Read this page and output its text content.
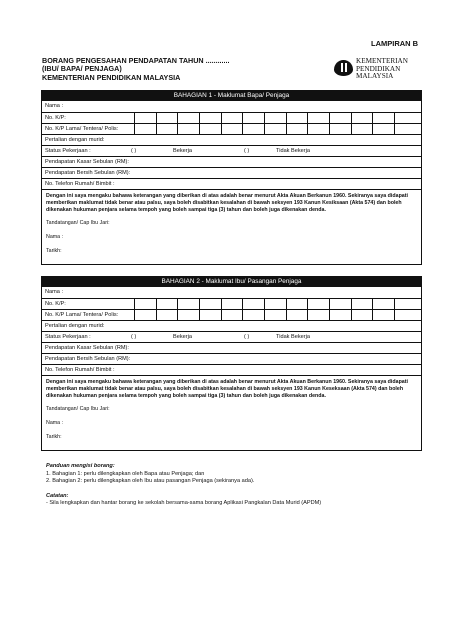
LAMPIRAN B
BORANG PENGESAHAN PENDAPATAN TAHUN ............
(IBU/ BAPA/ PENJAGA)
KEMENTERIAN PENDIDIKAN MALAYSIA
KEMENTERIAN
PENDIDIKAN
MALAYSIA
BAHAGIAN 1 - Maklumat Bapa/ Penjaga
Nama :
No. K/P:
No. K/P Lama/ Tentera/ Polis:
Pertalian dengan murid:
Status Pekerjaan :	( )	Bekerja	( )	Tidak Bekerja
Pendapatan Kasar Sebulan (RM):
Pendapatan Bersih Sebulan (RM):
No. Telefon Rumah/ Bimbit :
Dengan ini saya mengaku bahawa keterangan yang diberikan di atas adalah benar menurut Akta Akuan Berkanun 1960. Sekiranya saya didapati memberikan maklumat tidak benar atau palsu, saya boleh disabitkan kesalahan di bawah seksyen 193 Kanun Kesiksaan (Akta 574) dan boleh dikenakan hukuman penjara selama tempoh yang boleh sampai tiga (3) tahun dan boleh juga dikenakan denda.
Tandatangan/ Cap Ibu Jari:
Nama :
Tarikh:
BAHAGIAN 2 - Maklumat Ibu/ Pasangan Penjaga
Nama :
No. K/P:
No. K/P Lama/ Tentera/ Polis:
Pertalian dengan murid:
Status Pekerjaan :	( )	Bekerja	( )	Tidak Bekerja
Pendapatan Kasar Sebulan (RM):
Pendapatan Bersih Sebulan (RM):
No. Telefon Rumah/ Bimbit :
Dengan ini saya mengaku bahawa keterangan yang diberikan di atas adalah benar menurut Akta Akuan Berkanun 1960. Sekiranya saya didapati memberikan maklumat tidak benar atau palsu, saya boleh disabitkan kesalahan di bawah seksyen 193 Kanun Keseksaan (Akta 574) dan boleh dikenakan hukuman penjara selama tempoh yang boleh sampai tiga (3) tahun dan boleh juga dikenakan denda.
Tandatangan/ Cap Ibu Jari:
Nama :
Tarikh:
Panduan mengisi borang:
1. Bahagian 1: perlu dilengkapkan oleh Bapa atau Penjaga; dan
2. Bahagian 2: perlu dilengkapkan oleh Ibu atau pasangan Penjaga (sekiranya ada).
Catatan:
- Sila lengkapkan dan hantar borang ke sekolah bersama-sama borang Aplikasi Pangkalan Data Murid (APDM)
